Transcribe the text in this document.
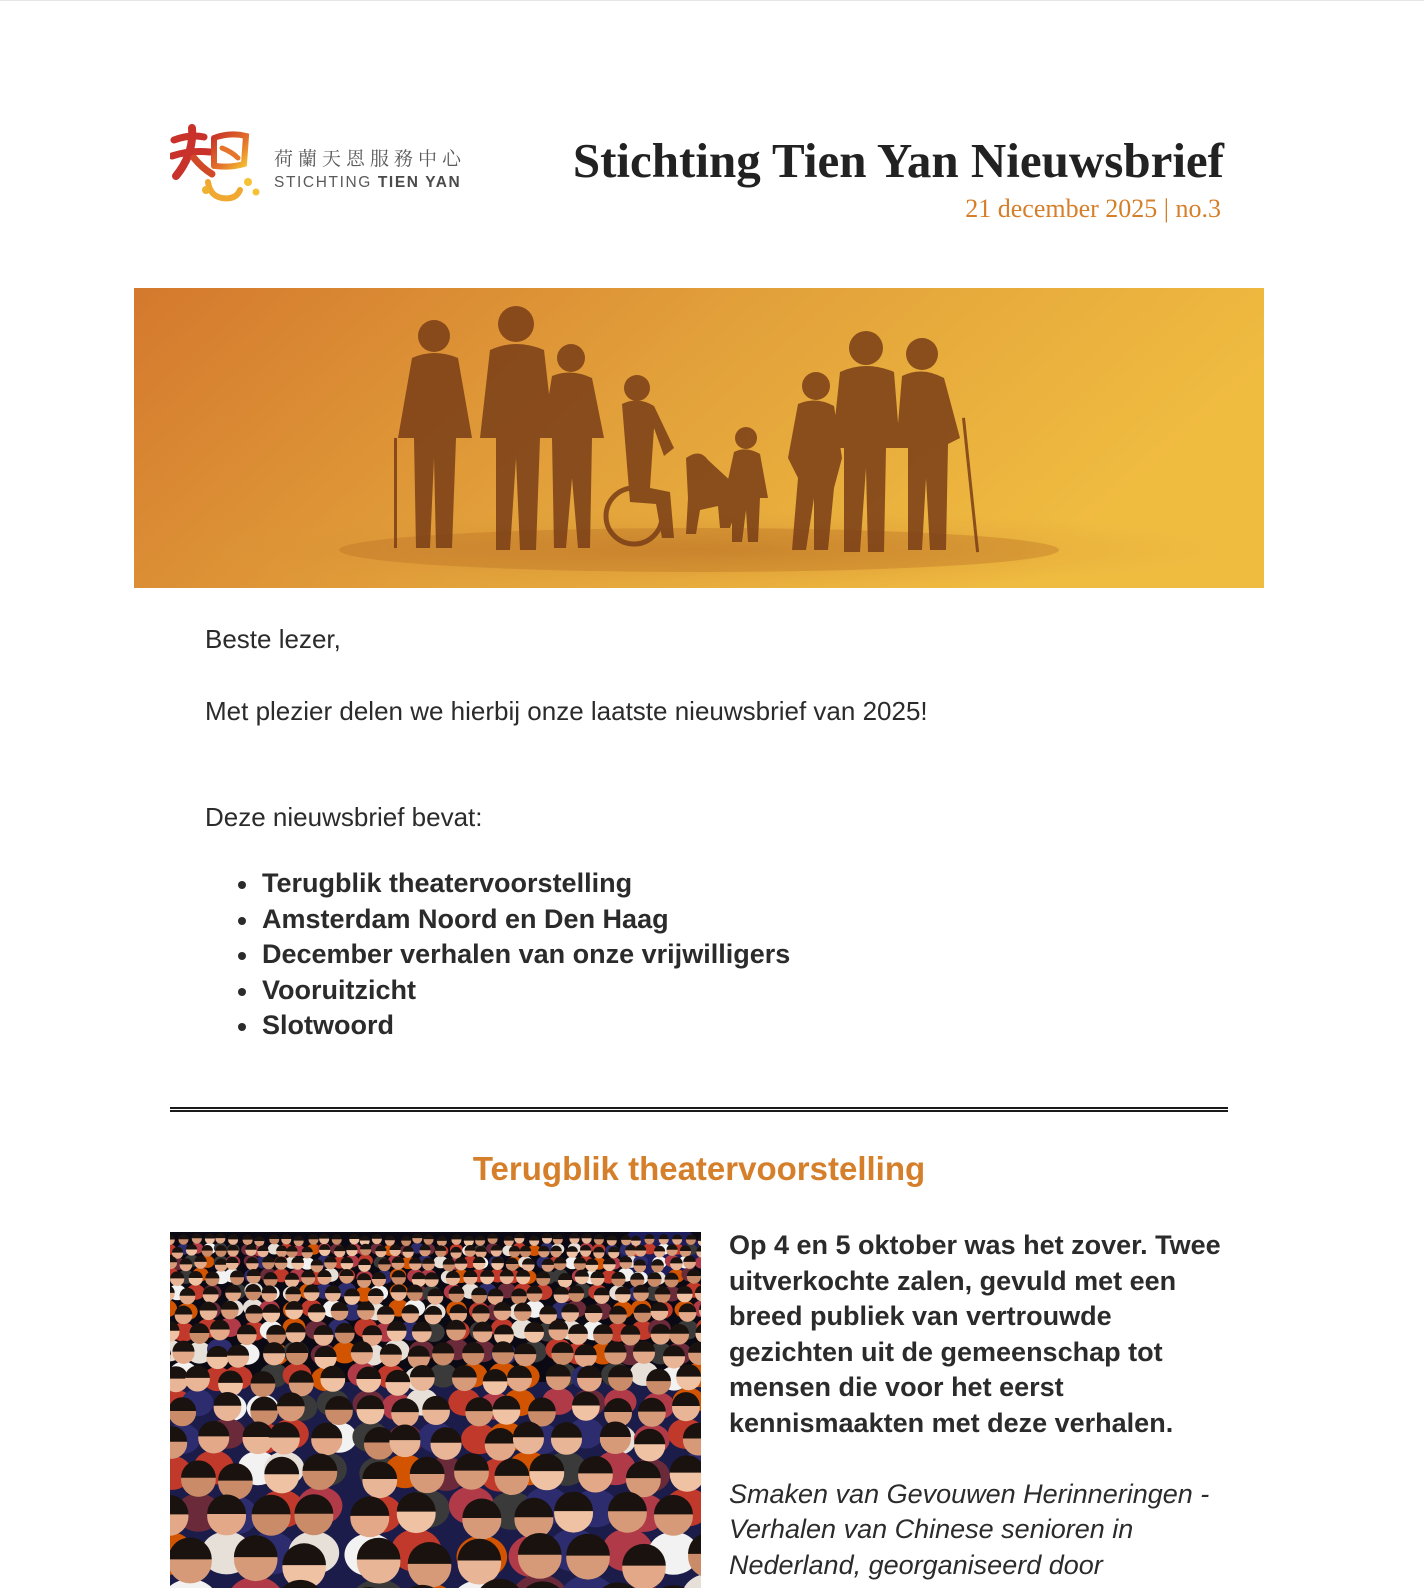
荷蘭天恩服務中心
STICHTING TIEN YAN Stichting Tien Yan Nieuwsbrief
21 december 2025 | no.3
Beste lezer,
Met plezier delen we hierbij onze laatste nieuwsbrief van 2025!
Deze nieuwsbrief bevat:
Terugblik theatervoorstelling
Amsterdam Noord en Den Haag
December verhalen van onze vrijwilligers
Vooruitzicht
Slotwoord
Terugblik theatervoorstelling

Op 4 en 5 oktober was het zover. Twee uitverkochte zalen, gevuld met een breed publiek van vertrouwde gezichten uit de gemeenschap tot mensen die voor het eerst kennismaakten met deze verhalen.

Smaken van Gevouwen Herinneringen - Verhalen van Chinese senioren in Nederland, georganiseerd door
